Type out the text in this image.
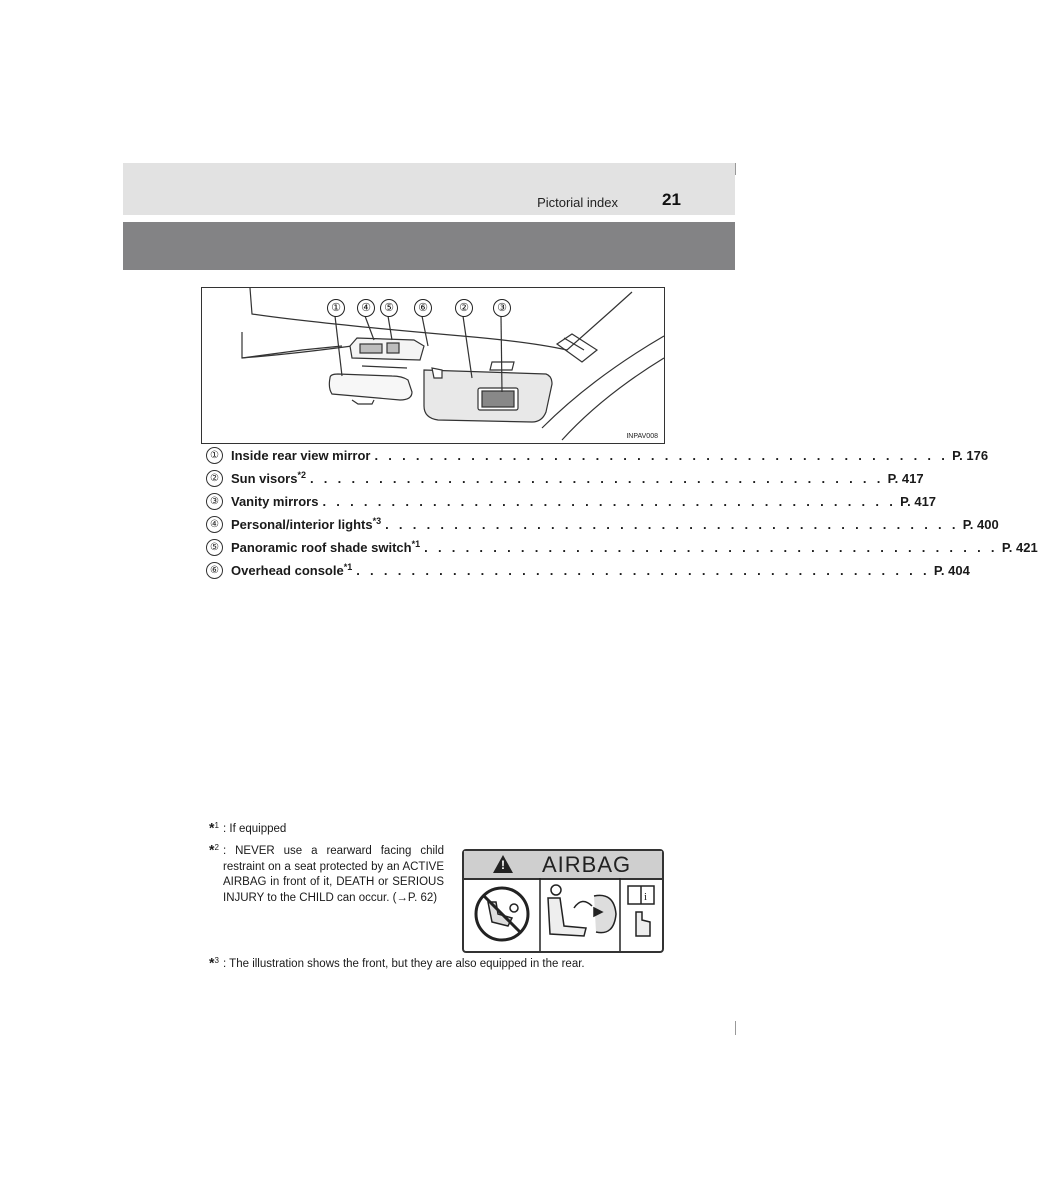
Pictorial index	21
①	④	⑤	⑥	②	③
INPAV008
① Inside rear view mirror . . . . . . . . . . . . . . . . . . . . . . . . . . . . . . . . . . . . . . . . . . P. 176
② Sun visors$^{*2}$ . . . . . . . . . . . . . . . . . . . . . . . . . . . . . . . . . . . . . . . . . . P. 417
③ Vanity mirrors . . . . . . . . . . . . . . . . . . . . . . . . . . . . . . . . . . . . . . . . . . P. 417
④ Personal/interior lights$^{*3}$ . . . . . . . . . . . . . . . . . . . . . . . . . . . . . . . . . . . . . . . . . . P. 400
⑤ Panoramic roof shade switch$^{*1}$ . . . . . . . . . . . . . . . . . . . . . . . . . . . . . . . . . . . . . . . . . . P. 421
⑥ Overhead console$^{*1}$ . . . . . . . . . . . . . . . . . . . . . . . . . . . . . . . . . . . . . . . . . . P. 404
*$^1$ : If equipped
*$^2$ : NEVER use a rearward facing child restraint on a seat protected by an ACTIVE AIRBAG in front of it, DEATH or SERIOUS INJURY to the CHILD can occur. (→P. 62)
! AIRBAG
i
*$^3$ : The illustration shows the front, but they are also equipped in the rear.
